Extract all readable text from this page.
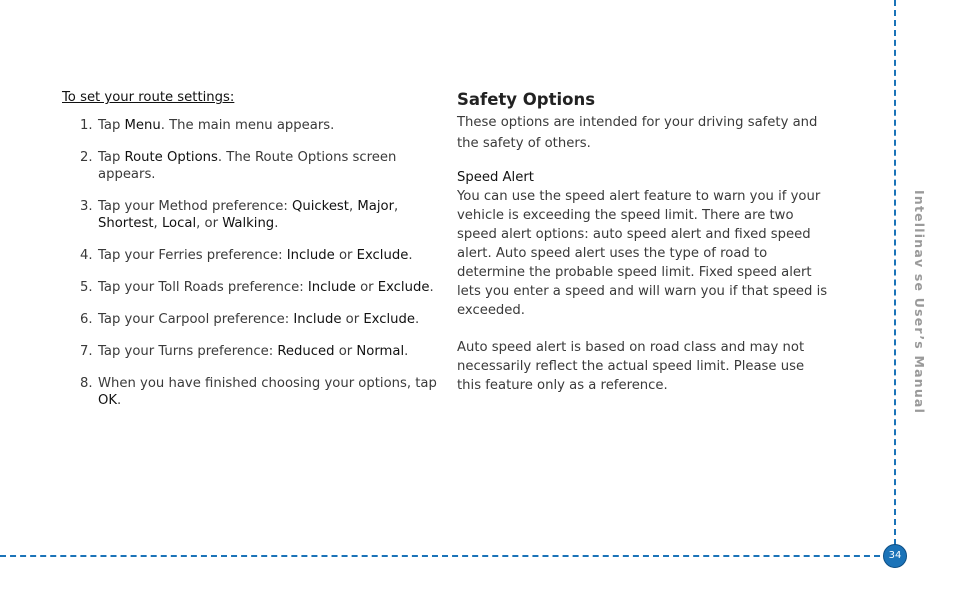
34
Intellinav se User’s Manual
To set your route settings:
1. Tap Menu. The main menu appears.
2. Tap Route Options. The Route Options screen appears.
3. Tap your Method preference: Quickest, Major, Shortest, Local, or Walking.
4. Tap your Ferries preference: Include or Exclude.
5. Tap your Toll Roads preference: Include or Exclude.
6. Tap your Carpool preference: Include or Exclude.
7. Tap your Turns preference: Reduced or Normal.
8. When you have finished choosing your options, tap OK.
Safety Options
These options are intended for your driving safety and the safety of others.
Speed Alert
You can use the speed alert feature to warn you if your vehicle is exceeding the speed limit. There are two speed alert options: auto speed alert and fixed speed alert. Auto speed alert uses the type of road to determine the probable speed limit. Fixed speed alert lets you enter a speed and will warn you if that speed is exceeded.
Auto speed alert is based on road class and may not necessarily reflect the actual speed limit. Please use this feature only as a reference.
